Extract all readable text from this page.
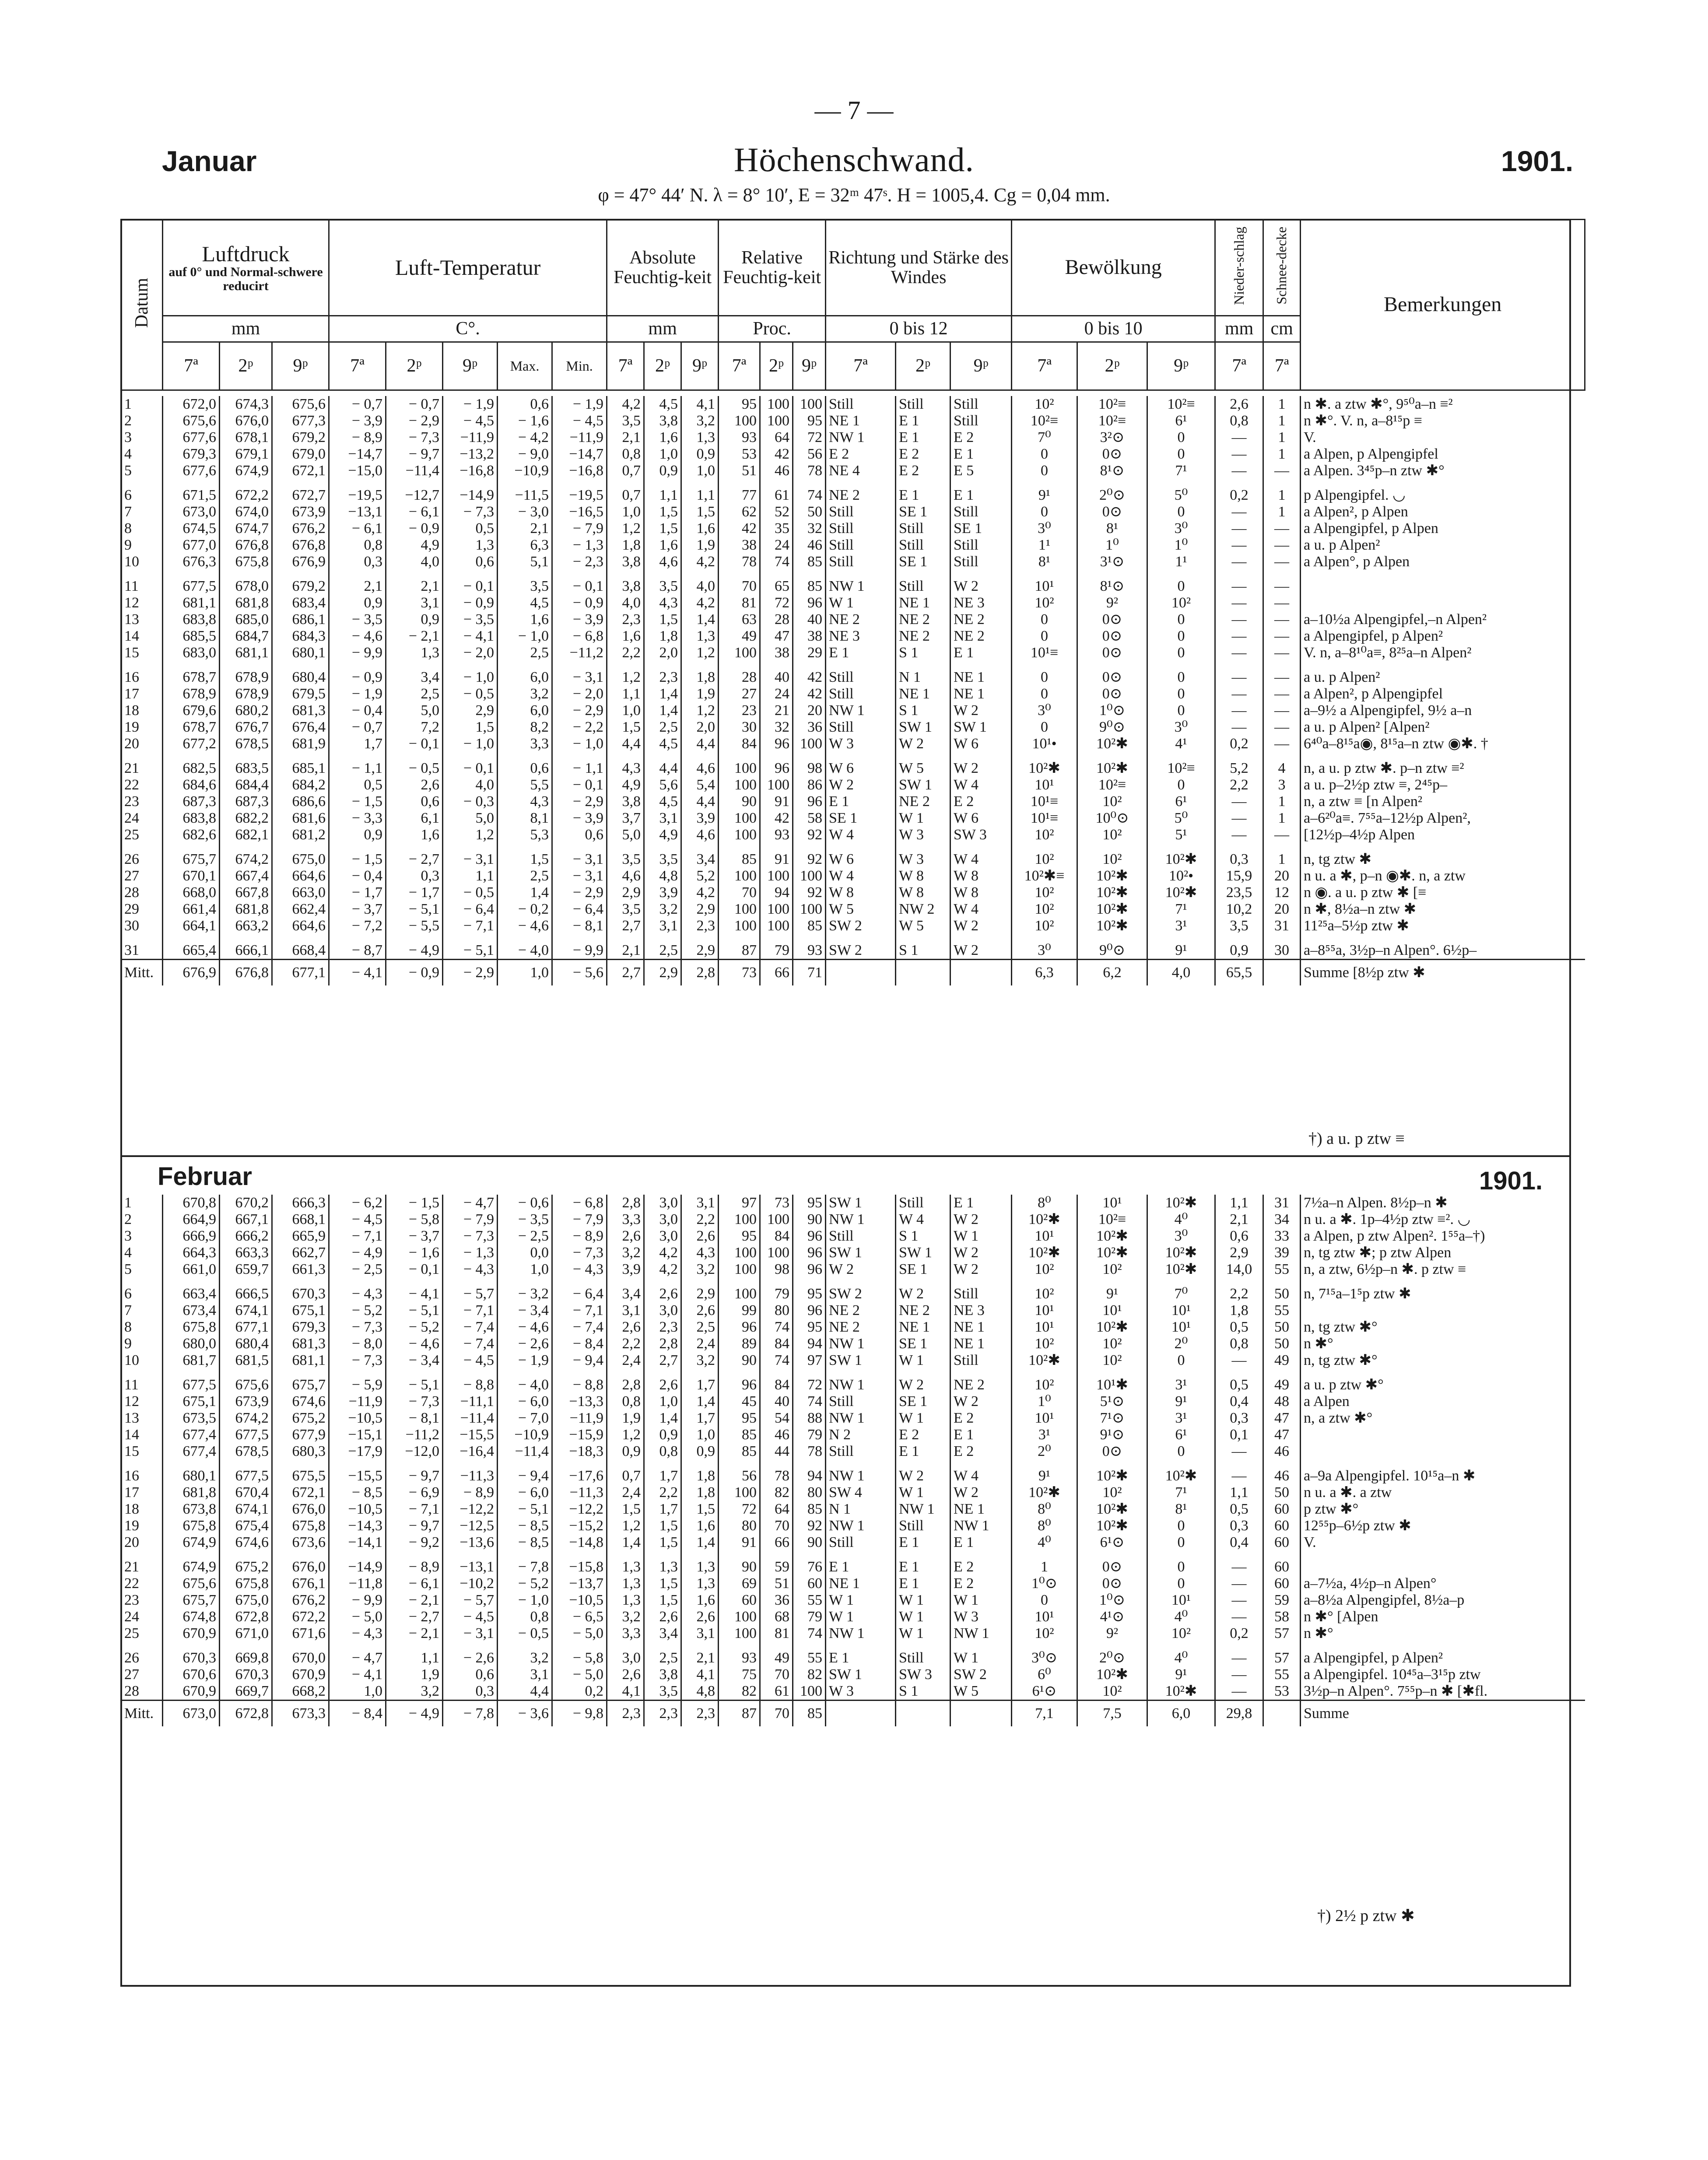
— 7 —
Januar	Höchenschwand.	1901.
φ = 47° 44′ N. λ = 8° 10′, E = 32ᵐ 47ˢ. H = 1005,4. Cg = 0,04 mm.
Datum	Luftdruck
auf 0° und Normal-schwere reducirt			Luft-Temperatur					Absolute Feuchtig-keit			Relative Feuchtig-keit			Richtung und Stärke des Windes			Bewölkung			Nieder-schlag	Schnee-decke	Bemerkungen
	mm			C°.					mm			Proc.			0 bis 12			0 bis 10			mm	cm	
	7ª	2ᵖ	9ᵖ	7ª	2ᵖ	9ᵖ	Max.	Min.	7ª	2ᵖ	9ᵖ	7ª	2ᵖ	9ᵖ	7ª	2ᵖ	9ᵖ	7ª	2ᵖ	9ᵖ	7ª	7ª	
1	672,0	674,3	675,6	− 0,7	− 0,7	− 1,9	0,6	− 1,9	4,2	4,5	4,1	95	100	100	Still	Still	Still	10²	10²≡	10²≡	2,6	1	n ✱. a ztw ✱°, 9⁵⁰a–n ≡²
2	675,6	676,0	677,3	− 3,9	− 2,9	− 4,5	− 1,6	− 4,5	3,5	3,8	3,2	100	100	95	NE 1	E 1	Still	10²≡	10²≡	6¹	0,8	1	n ✱°. V. n, a–8¹⁵p ≡
3	677,6	678,1	679,2	− 8,9	− 7,3	−11,9	− 4,2	−11,9	2,1	1,6	1,3	93	64	72	NW 1	E 1	E 2	7⁰	3²⊙	0	—	1	V.
4	679,3	679,1	679,0	−14,7	− 9,7	−13,2	− 9,0	−14,7	0,8	1,0	0,9	53	42	56	E 2	E 2	E 1	0	0⊙	0	—	1	a Alpen, p Alpengipfel
5	677,6	674,9	672,1	−15,0	−11,4	−16,8	−10,9	−16,8	0,7	0,9	1,0	51	46	78	NE 4	E 2	E 5	0	8¹⊙	7¹	—	—	a Alpen. 3⁴⁵p–n ztw ✱°

6	671,5	672,2	672,7	−19,5	−12,7	−14,9	−11,5	−19,5	0,7	1,1	1,1	77	61	74	NE 2	E 1	E 1	9¹	2⁰⊙	5⁰	0,2	1	p Alpengipfel. ◡
7	673,0	674,0	673,9	−13,1	− 6,1	− 7,3	− 3,0	−16,5	1,0	1,5	1,5	62	52	50	Still	SE 1	Still	0	0⊙	0	—	1	a Alpen², p Alpen
8	674,5	674,7	676,2	− 6,1	− 0,9	0,5	2,1	− 7,9	1,2	1,5	1,6	42	35	32	Still	Still	SE 1	3⁰	8¹	3⁰	—	—	a Alpengipfel, p Alpen
9	677,0	676,8	676,8	0,8	4,9	1,3	6,3	− 1,3	1,8	1,6	1,9	38	24	46	Still	Still	Still	1¹	1⁰	1⁰	—	—	a u. p Alpen²
10	676,3	675,8	676,9	0,3	4,0	0,6	5,1	− 2,3	3,8	4,6	4,2	78	74	85	Still	SE 1	Still	8¹	3¹⊙	1¹	—	—	a Alpen°, p Alpen

11	677,5	678,0	679,2	2,1	2,1	− 0,1	3,5	− 0,1	3,8	3,5	4,0	70	65	85	NW 1	Still	W 2	10¹	8¹⊙	0	—	—	
12	681,1	681,8	683,4	0,9	3,1	− 0,9	4,5	− 0,9	4,0	4,3	4,2	81	72	96	W 1	NE 1	NE 3	10²	9²	10²	—	—	
13	683,8	685,0	686,1	− 3,5	0,9	− 3,5	1,6	− 3,9	2,3	1,5	1,4	63	28	40	NE 2	NE 2	NE 2	0	0⊙	0	—	—	a–10½a Alpengipfel,–n Alpen²
14	685,5	684,7	684,3	− 4,6	− 2,1	− 4,1	− 1,0	− 6,8	1,6	1,8	1,3	49	47	38	NE 3	NE 2	NE 2	0	0⊙	0	—	—	a Alpengipfel, p Alpen²
15	683,0	681,1	680,1	− 9,9	1,3	− 2,0	2,5	−11,2	2,2	2,0	1,2	100	38	29	E 1	S 1	E 1	10¹≡	0⊙	0	—	—	V. n, a–8¹⁰a≡, 8²⁵a–n Alpen²

16	678,7	678,9	680,4	− 0,9	3,4	− 1,0	6,0	− 3,1	1,2	2,3	1,8	28	40	42	Still	N 1	NE 1	0	0⊙	0	—	—	a u. p Alpen²
17	678,9	678,9	679,5	− 1,9	2,5	− 0,5	3,2	− 2,0	1,1	1,4	1,9	27	24	42	Still	NE 1	NE 1	0	0⊙	0	—	—	a Alpen², p Alpengipfel
18	679,6	680,2	681,3	− 0,4	5,0	2,9	6,0	− 2,9	1,0	1,4	1,2	23	21	20	NW 1	S 1	W 2	3⁰	1⁰⊙	0	—	—	a–9½ a Alpengipfel, 9½ a–n
19	678,7	676,7	676,4	− 0,7	7,2	1,5	8,2	− 2,2	1,5	2,5	2,0	30	32	36	Still	SW 1	SW 1	0	9⁰⊙	3⁰	—	—	a u. p Alpen² [Alpen²
20	677,2	678,5	681,9	1,7	− 0,1	− 1,0	3,3	− 1,0	4,4	4,5	4,4	84	96	100	W 3	W 2	W 6	10¹•	10²✱	4¹	0,2	—	6⁴⁰a–8¹⁵a◉, 8¹⁵a–n ztw ◉✱. †

21	682,5	683,5	685,1	− 1,1	− 0,5	− 0,1	0,6	− 1,1	4,3	4,4	4,6	100	96	98	W 6	W 5	W 2	10²✱	10²✱	10²≡	5,2	4	n, a u. p ztw ✱. p–n ztw ≡²
22	684,6	684,4	684,2	0,5	2,6	4,0	5,5	− 0,1	4,9	5,6	5,4	100	100	86	W 2	SW 1	W 4	10¹	10²≡	0	2,2	3	a u. p–2½p ztw ≡, 2⁴⁵p–
23	687,3	687,3	686,6	− 1,5	0,6	− 0,3	4,3	− 2,9	3,8	4,5	4,4	90	91	96	E 1	NE 2	E 2	10¹≡	10²	6¹	—	1	n, a ztw ≡ [n Alpen²
24	683,8	682,2	681,6	− 3,3	6,1	5,0	8,1	− 3,9	3,7	3,1	3,9	100	42	58	SE 1	W 1	W 6	10¹≡	10⁰⊙	5⁰	—	1	a–6²⁰a≡. 7⁵⁵a–12½p Alpen²,
25	682,6	682,1	681,2	0,9	1,6	1,2	5,3	0,6	5,0	4,9	4,6	100	93	92	W 4	W 3	SW 3	10²	10²	5¹	—	—	[12½p–4½p Alpen

26	675,7	674,2	675,0	− 1,5	− 2,7	− 3,1	1,5	− 3,1	3,5	3,5	3,4	85	91	92	W 6	W 3	W 4	10²	10²	10²✱	0,3	1	n, tg ztw ✱
27	670,1	667,4	664,6	− 0,4	0,3	1,1	2,5	− 3,1	4,6	4,8	5,2	100	100	100	W 4	W 8	W 8	10²✱≡	10²✱	10²•	15,9	20	n u. a ✱, p–n ◉✱. n, a ztw
28	668,0	667,8	663,0	− 1,7	− 1,7	− 0,5	1,4	− 2,9	2,9	3,9	4,2	70	94	92	W 8	W 8	W 8	10²	10²✱	10²✱	23,5	12	n ◉. a u. p ztw ✱ [≡
29	661,4	681,8	662,4	− 3,7	− 5,1	− 6,4	− 0,2	− 6,4	3,5	3,2	2,9	100	100	100	W 5	NW 2	W 4	10²	10²✱	7¹	10,2	20	n ✱, 8½a–n ztw ✱
30	664,1	663,2	664,6	− 7,2	− 5,5	− 7,1	− 4,6	− 8,1	2,7	3,1	2,3	100	100	85	SW 2	W 5	W 2	10²	10²✱	3¹	3,5	31	11²⁵a–5½p ztw ✱

31	665,4	666,1	668,4	− 8,7	− 4,9	− 5,1	− 4,0	− 9,9	2,1	2,5	2,9	87	79	93	SW 2	S 1	W 2	3⁰	9⁰⊙	9¹	0,9	30	a–8⁵⁵a, 3½p–n Alpen°. 6½p–
Mitt.	676,9	676,8	677,1	− 4,1	− 0,9	− 2,9	1,0	− 5,6	2,7	2,9	2,8	73	66	71				6,3	6,2	4,0	65,5		Summe [8½p ztw ✱
†) a u. p ztw ≡
Februar	1901.
1	670,8	670,2	666,3	− 6,2	− 1,5	− 4,7	− 0,6	− 6,8	2,8	3,0	3,1	97	73	95	SW 1	Still	E 1	8⁰	10¹	10²✱	1,1	31	7½a–n Alpen. 8½p–n ✱
2	664,9	667,1	668,1	− 4,5	− 5,8	− 7,9	− 3,5	− 7,9	3,3	3,0	2,2	100	100	90	NW 1	W 4	W 2	10²✱	10²≡	4⁰	2,1	34	n u. a ✱. 1p–4½p ztw ≡². ◡
3	666,9	666,2	665,9	− 7,1	− 3,7	− 7,3	− 2,5	− 8,9	2,6	3,0	2,6	95	84	96	Still	S 1	W 1	10¹	10²✱	3⁰	0,6	33	a Alpen, p ztw Alpen². 1⁵⁵a–†)
4	664,3	663,3	662,7	− 4,9	− 1,6	− 1,3	0,0	− 7,3	3,2	4,2	4,3	100	100	96	SW 1	SW 1	W 2	10²✱	10²✱	10²✱	2,9	39	n, tg ztw ✱; p ztw Alpen
5	661,0	659,7	661,3	− 2,5	− 0,1	− 4,3	1,0	− 4,3	3,9	4,2	3,2	100	98	96	W 2	SE 1	W 2	10²	10²	10²✱	14,0	55	n, a ztw, 6½p–n ✱. p ztw ≡

6	663,4	666,5	670,3	− 4,3	− 4,1	− 5,7	− 3,2	− 6,4	3,4	2,6	2,9	100	79	95	SW 2	W 2	Still	10²	9¹	7⁰	2,2	50	n, 7¹⁵a–1⁵p ztw ✱
7	673,4	674,1	675,1	− 5,2	− 5,1	− 7,1	− 3,4	− 7,1	3,1	3,0	2,6	99	80	96	NE 2	NE 2	NE 3	10¹	10¹	10¹	1,8	55	
8	675,8	677,1	679,3	− 7,3	− 5,2	− 7,4	− 4,6	− 7,4	2,6	2,3	2,5	96	74	95	NE 2	NE 1	NE 1	10¹	10²✱	10¹	0,5	50	n, tg ztw ✱°
9	680,0	680,4	681,3	− 8,0	− 4,6	− 7,4	− 2,6	− 8,4	2,2	2,8	2,4	89	84	94	NW 1	SE 1	NE 1	10²	10²	2⁰	0,8	50	n ✱°
10	681,7	681,5	681,1	− 7,3	− 3,4	− 4,5	− 1,9	− 9,4	2,4	2,7	3,2	90	74	97	SW 1	W 1	Still	10²✱	10²	0	—	49	n, tg ztw ✱°

11	677,5	675,6	675,7	− 5,9	− 5,1	− 8,8	− 4,0	− 8,8	2,8	2,6	1,7	96	84	72	NW 1	W 2	NE 2	10²	10¹✱	3¹	0,5	49	a u. p ztw ✱°
12	675,1	673,9	674,6	−11,9	− 7,3	−11,1	− 6,0	−13,3	0,8	1,0	1,4	45	40	74	Still	SE 1	W 2	1⁰	5¹⊙	9¹	0,4	48	a Alpen
13	673,5	674,2	675,2	−10,5	− 8,1	−11,4	− 7,0	−11,9	1,9	1,4	1,7	95	54	88	NW 1	W 1	E 2	10¹	7¹⊙	3¹	0,3	47	n, a ztw ✱°
14	677,4	677,5	677,9	−15,1	−11,2	−15,5	−10,9	−15,9	1,2	0,9	1,0	85	46	79	N 2	E 2	E 1	3¹	9¹⊙	6¹	0,1	47	
15	677,4	678,5	680,3	−17,9	−12,0	−16,4	−11,4	−18,3	0,9	0,8	0,9	85	44	78	Still	E 1	E 2	2⁰	0⊙	0	—	46	

16	680,1	677,5	675,5	−15,5	− 9,7	−11,3	− 9,4	−17,6	0,7	1,7	1,8	56	78	94	NW 1	W 2	W 4	9¹	10²✱	10²✱	—	46	a–9a Alpengipfel. 10¹⁵a–n ✱
17	681,8	670,4	672,1	− 8,5	− 6,9	− 8,9	− 6,0	−11,3	2,4	2,2	1,8	100	82	80	SW 4	W 1	W 2	10²✱	10²	7¹	1,1	50	n u. a ✱. a ztw
18	673,8	674,1	676,0	−10,5	− 7,1	−12,2	− 5,1	−12,2	1,5	1,7	1,5	72	64	85	N 1	NW 1	NE 1	8⁰	10²✱	8¹	0,5	60	p ztw ✱°
19	675,8	675,4	675,8	−14,3	− 9,7	−12,5	− 8,5	−15,2	1,2	1,5	1,6	80	70	92	NW 1	Still	NW 1	8⁰	10²✱	0	0,3	60	12⁵⁵p–6½p ztw ✱
20	674,9	674,6	673,6	−14,1	− 9,2	−13,6	− 8,5	−14,8	1,4	1,5	1,4	91	66	90	Still	E 1	E 1	4⁰	6¹⊙	0	0,4	60	V.

21	674,9	675,2	676,0	−14,9	− 8,9	−13,1	− 7,8	−15,8	1,3	1,3	1,3	90	59	76	E 1	E 1	E 2	1	0⊙	0	—	60	
22	675,6	675,8	676,1	−11,8	− 6,1	−10,2	− 5,2	−13,7	1,3	1,5	1,3	69	51	60	NE 1	E 1	E 2	1⁰⊙	0⊙	0	—	60	a–7½a, 4½p–n Alpen°
23	675,7	675,0	676,2	− 9,9	− 2,1	− 5,7	− 1,0	−10,5	1,3	1,5	1,6	60	36	55	W 1	W 1	W 1	0	1⁰⊙	10¹	—	59	a–8½a Alpengipfel, 8½a–p
24	674,8	672,8	672,2	− 5,0	− 2,7	− 4,5	0,8	− 6,5	3,2	2,6	2,6	100	68	79	W 1	W 1	W 3	10¹	4¹⊙	4⁰	—	58	n ✱° [Alpen
25	670,9	671,0	671,6	− 4,3	− 2,1	− 3,1	− 0,5	− 5,0	3,3	3,4	3,1	100	81	74	NW 1	W 1	NW 1	10²	9²	10²	0,2	57	n ✱°

26	670,3	669,8	670,0	− 4,7	1,1	− 2,6	3,2	− 5,8	3,0	2,5	2,1	93	49	55	E 1	Still	W 1	3⁰⊙	2⁰⊙	4⁰	—	57	a Alpengipfel, p Alpen²
27	670,6	670,3	670,9	− 4,1	1,9	0,6	3,1	− 5,0	2,6	3,8	4,1	75	70	82	SW 1	SW 3	SW 2	6⁰	10²✱	9¹	—	55	a Alpengipfel. 10⁴⁵a–3¹⁵p ztw
28	670,9	669,7	668,2	1,0	3,2	0,3	4,4	0,2	4,1	3,5	4,8	82	61	100	W 3	S 1	W 5	6¹⊙	10²	10²✱	—	53	3½p–n Alpen°. 7⁵⁵p–n ✱ [✱fl.
Mitt.	673,0	672,8	673,3	− 8,4	− 4,9	− 7,8	− 3,6	− 9,8	2,3	2,3	2,3	87	70	85				7,1	7,5	6,0	29,8		Summe
†) 2½ p ztw ✱
